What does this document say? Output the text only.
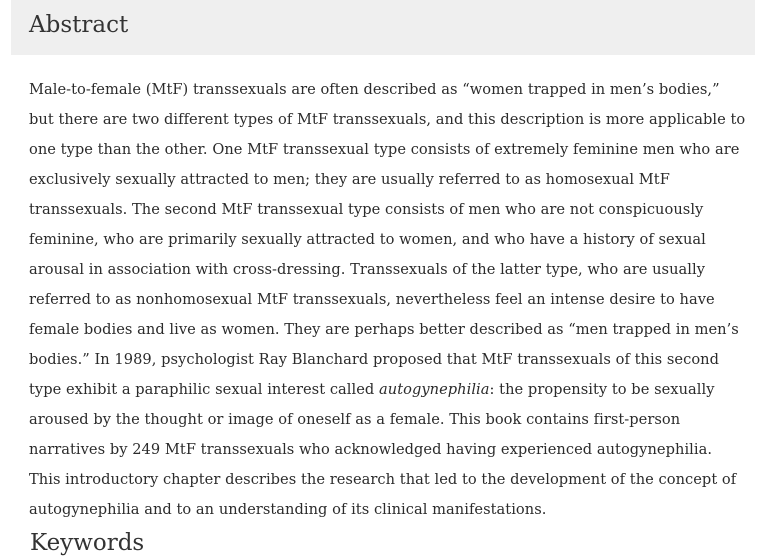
Abstract

Male-to-female (MtF) transsexuals are often described as “women trapped in men’s bodies,”
but there are two different types of MtF transsexuals, and this description is more applicable to
one type than the other. One MtF transsexual type consists of extremely feminine men who are
exclusively sexually attracted to men; they are usually referred to as homosexual MtF
transsexuals. The second MtF transsexual type consists of men who are not conspicuously
feminine, who are primarily sexually attracted to women, and who have a history of sexual
arousal in association with cross-dressing. Transsexuals of the latter type, who are usually
referred to as nonhomosexual MtF transsexuals, nevertheless feel an intense desire to have
female bodies and live as women. They are perhaps better described as “men trapped in men’s
bodies.” In 1989, psychologist Ray Blanchard proposed that MtF transsexuals of this second
type exhibit a paraphilic sexual interest called autogynephilia: the propensity to be sexually
aroused by the thought or image of oneself as a female. This book contains first-person
narratives by 249 MtF transsexuals who acknowledged having experienced autogynephilia.
This introductory chapter describes the research that led to the development of the concept of
autogynephilia and to an understanding of its clinical manifestations.

Keywords
